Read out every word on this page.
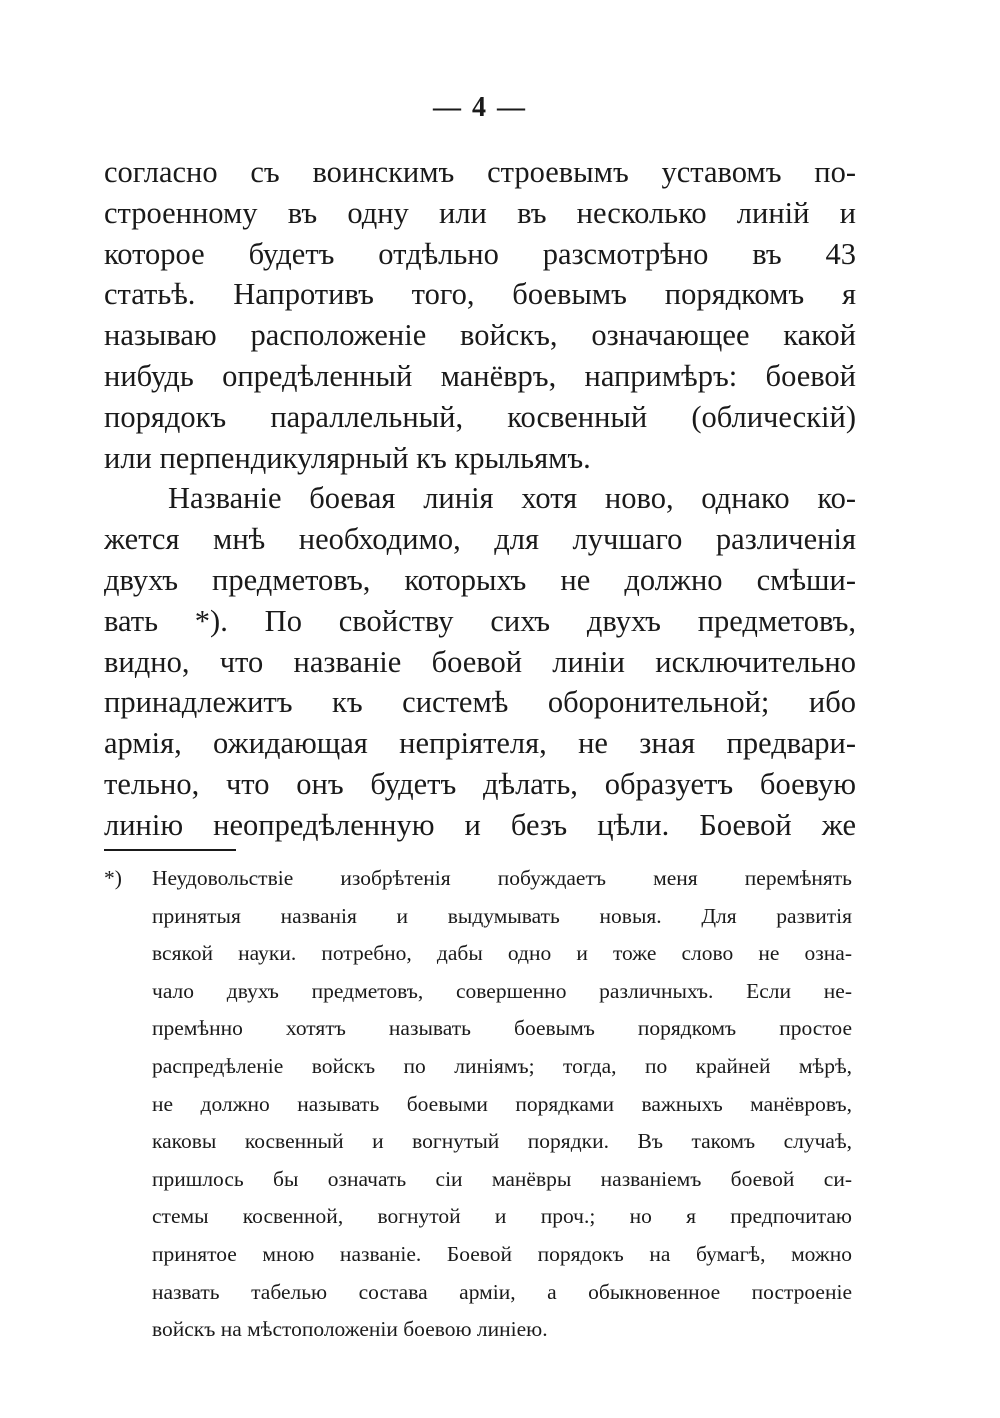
— 4 —
согласно съ воинскимъ строевымъ уставомъ по-
строенному въ одну или въ несколько линій и
которое будетъ отдѣльно разсмотрѣно въ 43
статьѣ. Напротивъ того, боевымъ порядкомъ я
называю расположеніе войскъ, означающее какой
нибудь опредѣленный манёвръ, напримѣръ: боевой
порядокъ параллельный, косвенный (облическій)
или перпендикулярный къ крыльямъ.
Названіе боевая линія хотя ново, однако ко-
жется мнѣ необходимо, для лучшаго различенія
двухъ предметовъ, которыхъ не должно смѣши-
вать *). По свойству сихъ двухъ предметовъ,
видно, что названіе боевой линіи исключительно
принадлежитъ къ системѣ оборонительной; ибо
армія, ожидающая непріятеля, не зная предвари-
тельно, что онъ будетъ дѣлать, образуетъ боевую
линію неопредѣленную и безъ цѣли. Боевой же
*) Неудовольствіе изобрѣтенія побуждаетъ меня перемѣнять
принятыя названія и выдумывать новыя. Для развитія
всякой науки. потребно, дабы одно и тоже слово не озна-
чало двухъ предметовъ, совершенно различныхъ. Если не-
премѣнно хотятъ называть боевымъ порядкомъ простое
распредѣленіе войскъ по линіямъ; тогда, по крайней мѣрѣ,
не должно называть боевыми порядками важныхъ манёвровъ,
каковы косвенный и вогнутый порядки. Въ такомъ случаѣ,
пришлось бы означать сіи манёвры названіемъ боевой си-
стемы косвенной, вогнутой и проч.; но я предпочитаю
принятое мною названіе. Боевой порядокъ на бумагѣ, можно
назвать табелью состава арміи, а обыкновенное построеніе
войскъ на мѣстоположеніи боевою линіею.
